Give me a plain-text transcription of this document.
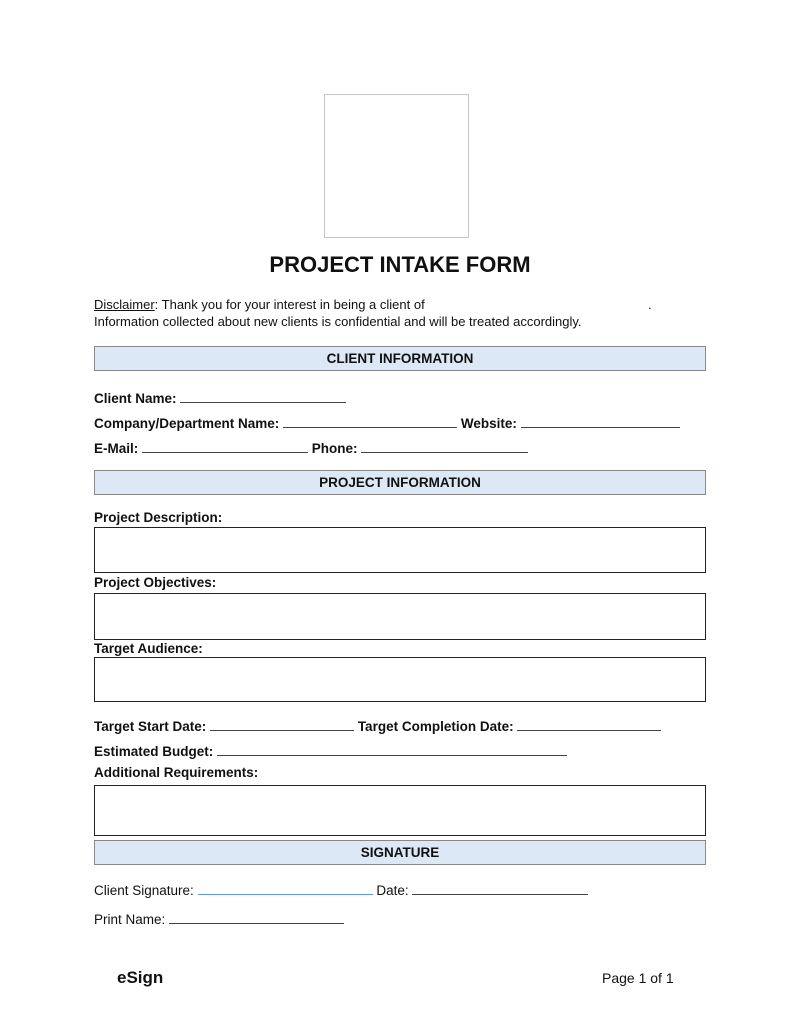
PROJECT INTAKE FORM
Disclaimer: Thank you for your interest in being a client of	.
Information collected about new clients is confidential and will be treated accordingly.
CLIENT INFORMATION
Client Name:
Company/Department Name:	Website:
E-Mail:	Phone:
PROJECT INFORMATION
Project Description:
Project Objectives:
Target Audience:
Target Start Date:	Target Completion Date:
Estimated Budget:
Additional Requirements:
SIGNATURE
Client Signature:	Date:
Print Name:
eSign	Page 1 of 1
